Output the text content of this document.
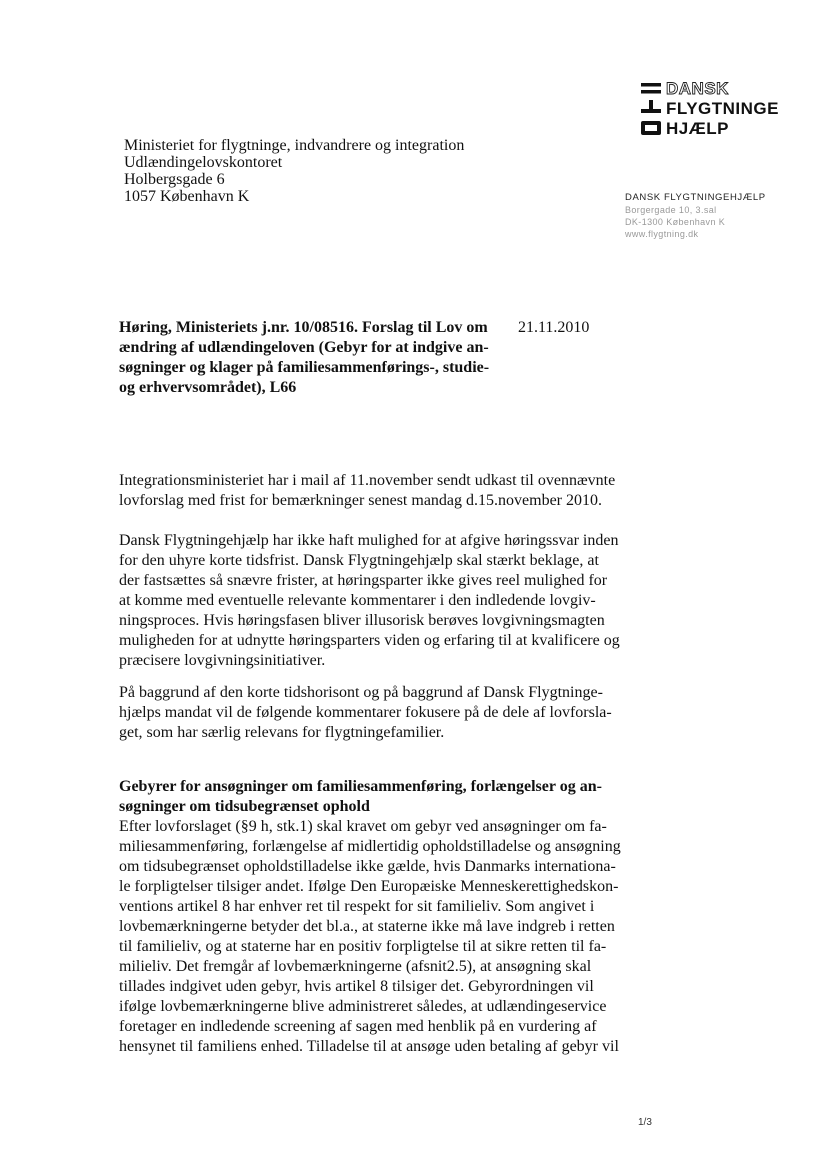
DANSK
FLYGTNINGE
HJÆLP
DANSK FLYGTNINGEHJÆLP
Borgergade 10, 3.sal
DK-1300 København K
www.flygtning.dk
Ministeriet for flygtninge, indvandrere og integration
Udlændingelovskontoret
Holbergsgade 6
1057 København K
Høring, Ministeriets j.nr. 10/08516. Forslag til Lov om
ændring af udlændingeloven (Gebyr for at indgive an-
søgninger og klager på familiesammenførings-, studie-
og erhvervsområdet), L66
21.11.2010
Integrationsministeriet har i mail af 11.november sendt udkast til ovennævnte
lovforslag med frist for bemærkninger senest mandag d.15.november 2010.
Dansk Flygtningehjælp har ikke haft mulighed for at afgive høringssvar inden
for den uhyre korte tidsfrist. Dansk Flygtningehjælp skal stærkt beklage, at
der fastsættes så snævre frister, at høringsparter ikke gives reel mulighed for
at komme med eventuelle relevante kommentarer i den indledende lovgiv-
ningsproces. Hvis høringsfasen bliver illusorisk berøves lovgivningsmagten
muligheden for at udnytte høringsparters viden og erfaring til at kvalificere og
præcisere lovgivningsinitiativer.
På baggrund af den korte tidshorisont og på baggrund af Dansk Flygtninge-
hjælps mandat vil de følgende kommentarer fokusere på de dele af lovforsla-
get, som har særlig relevans for flygtningefamilier.
Gebyrer for ansøgninger om familiesammenføring, forlængelser og an-
søgninger om tidsubegrænset ophold
Efter lovforslaget (§9 h, stk.1) skal kravet om gebyr ved ansøgninger om fa-
miliesammenføring, forlængelse af midlertidig opholdstilladelse og ansøgning
om tidsubegrænset opholdstilladelse ikke gælde, hvis Danmarks internationa-
le forpligtelser tilsiger andet. Ifølge Den Europæiske Menneskerettighedskon-
ventions artikel 8 har enhver ret til respekt for sit familieliv. Som angivet i
lovbemærkningerne betyder det bl.a., at staterne ikke må lave indgreb i retten
til familieliv, og at staterne har en positiv forpligtelse til at sikre retten til fa-
milieliv. Det fremgår af lovbemærkningerne (afsnit2.5), at ansøgning skal
tillades indgivet uden gebyr, hvis artikel 8 tilsiger det. Gebyrordningen vil
ifølge lovbemærkningerne blive administreret således, at udlændingeservice
foretager en indledende screening af sagen med henblik på en vurdering af
hensynet til familiens enhed. Tilladelse til at ansøge uden betaling af gebyr vil
1/3
